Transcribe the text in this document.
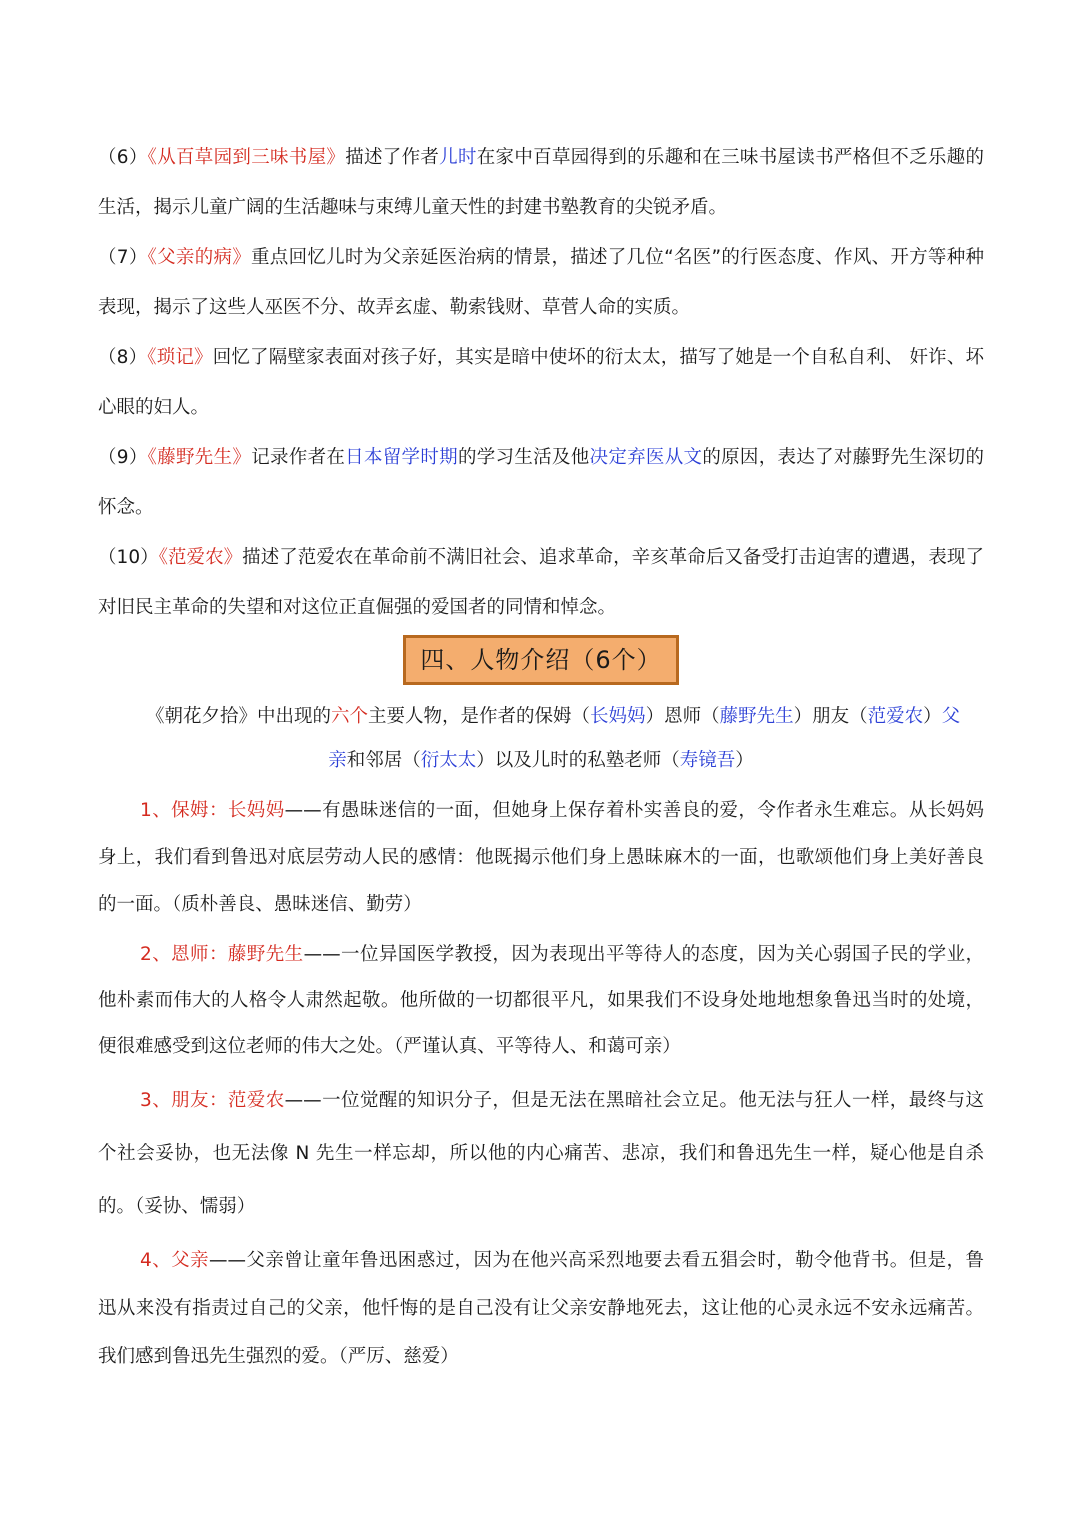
（6）《从百草园到三味书屋》描述了作者儿时在家中百草园得到的乐趣和在三味书屋读书严格但不乏乐趣的生活，揭示儿童广阔的生活趣味与束缚儿童天性的封建书塾教育的尖锐矛盾。

（7）《父亲的病》重点回忆儿时为父亲延医治病的情景，描述了几位“名医”的行医态度、作风、开方等种种表现，揭示了这些人巫医不分、故弄玄虚、勒索钱财、草菅人命的实质。

（8）《琐记》回忆了隔壁家表面对孩子好，其实是暗中使坏的衍太太，描写了她是一个自私自利、 奸诈、坏心眼的妇人。

（9）《藤野先生》记录作者在日本留学时期的学习生活及他决定弃医从文的原因，表达了对藤野先生深切的怀念。

（10）《范爱农》描述了范爱农在革命前不满旧社会、追求革命，辛亥革命后又备受打击迫害的遭遇，表现了对旧民主革命的失望和对这位正直倔强的爱国者的同情和悼念。

四、人物介绍（6个）

《朝花夕拾》中出现的六个主要人物，是作者的保姆（长妈妈）恩师（藤野先生）朋友（范爱农）父

亲和邻居（衍太太）以及儿时的私塾老师（寿镜吾）

1、保姆：长妈妈——有愚昧迷信的一面，但她身上保存着朴实善良的爱，令作者永生难忘。从长妈妈身上，我们看到鲁迅对底层劳动人民的感情：他既揭示他们身上愚昧麻木的一面，也歌颂他们身上美好善良的一面。（质朴善良、愚昧迷信、勤劳）

2、恩师：藤野先生——一位异国医学教授，因为表现出平等待人的态度，因为关心弱国子民的学业，他朴素而伟大的人格令人肃然起敬。他所做的一切都很平凡，如果我们不设身处地地想象鲁迅当时的处境，便很难感受到这位老师的伟大之处。（严谨认真、平等待人、和蔼可亲）

3、朋友：范爱农——一位觉醒的知识分子，但是无法在黑暗社会立足。他无法与狂人一样，最终与这个社会妥协，也无法像 N 先生一样忘却，所以他的内心痛苦、悲凉，我们和鲁迅先生一样，疑心他是自杀的。（妥协、懦弱）

4、父亲——父亲曾让童年鲁迅困惑过，因为在他兴高采烈地要去看五猖会时，勒令他背书。但是，鲁迅从来没有指责过自己的父亲，他忏悔的是自己没有让父亲安静地死去，这让他的心灵永远不安永远痛苦。我们感到鲁迅先生强烈的爱。（严厉、慈爱）
